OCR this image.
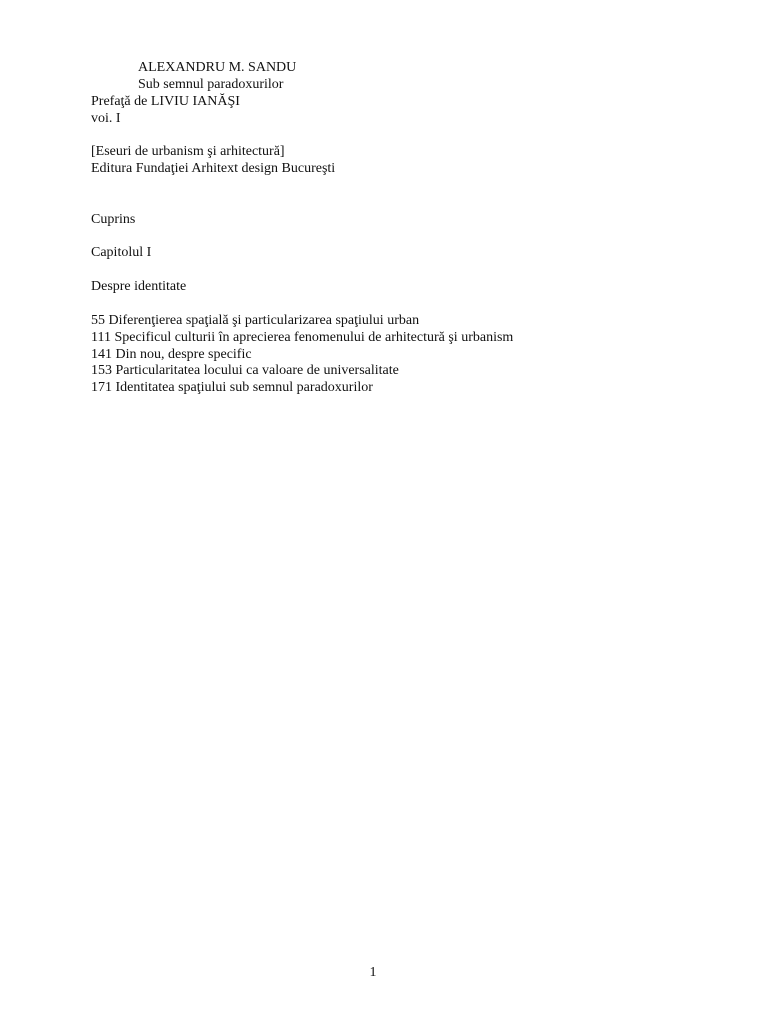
ALEXANDRU M. SANDU
Sub semnul paradoxurilor
Prefaţă de LIVIU IANĂŞI
voi. I
[Eseuri de urbanism şi arhitectură]
Editura Fundaţiei Arhitext design Bucureşti
Cuprins
Capitolul I
Despre identitate
55 Diferenţierea spaţială şi particularizarea spaţiului urban
111 Specificul culturii în aprecierea fenomenului de arhitectură şi urbanism
141 Din nou, despre specific
153 Particularitatea locului ca valoare de universalitate
171 Identitatea spaţiului sub semnul paradoxurilor
1
